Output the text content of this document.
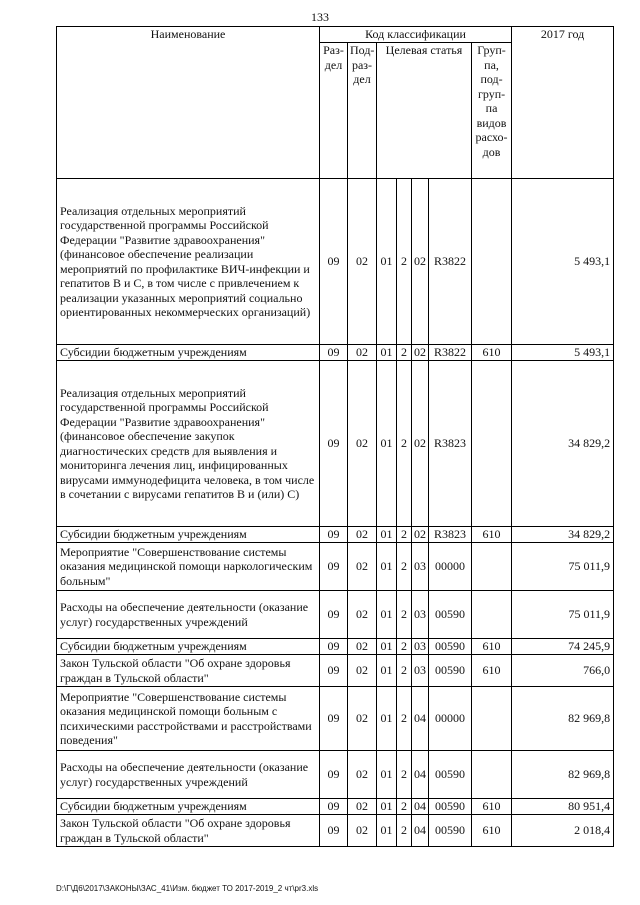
133
Наименование	Код классификации							2017 год
	Раз-дел	Под-раз-дел	Целевая статья				Груп-па, под-груп-па видов расхо-дов	
Реализация отдельных мероприятий государственной программы Российской Федерации "Развитие здравоохранения" (финансовое обеспечение реализации мероприятий по профилактике ВИЧ-инфекции и гепатитов B и C, в том числе с привлечением к реализации указанных мероприятий социально ориентированных некоммерческих организаций)	09	02	01	2	02	R3822		5 493,1
Субсидии бюджетным учреждениям	09	02	01	2	02	R3822	610	5 493,1
Реализация отдельных мероприятий государственной программы Российской Федерации "Развитие здравоохранения" (финансовое обеспечение закупок диагностических средств для выявления и мониторинга лечения лиц, инфицированных вирусами иммунодефицита человека, в том числе в сочетании с вирусами гепатитов B и (или) C)	09	02	01	2	02	R3823		34 829,2
Субсидии бюджетным учреждениям	09	02	01	2	02	R3823	610	34 829,2
Мероприятие "Совершенствование системы оказания медицинской помощи наркологическим больным"	09	02	01	2	03	00000		75 011,9
Расходы на обеспечение деятельности (оказание услуг) государственных учреждений	09	02	01	2	03	00590		75 011,9
Субсидии бюджетным учреждениям	09	02	01	2	03	00590	610	74 245,9
Закон Тульской области "Об охране здоровья граждан в Тульской области"	09	02	01	2	03	00590	610	766,0
Мероприятие "Совершенствование системы оказания медицинской помощи больным с психическими расстройствами и расстройствами поведения"	09	02	01	2	04	00000		82 969,8
Расходы на обеспечение деятельности (оказание услуг) государственных учреждений	09	02	01	2	04	00590		82 969,8
Субсидии бюджетным учреждениям	09	02	01	2	04	00590	610	80 951,4
Закон Тульской области "Об охране здоровья граждан в Тульской области"	09	02	01	2	04	00590	610	2 018,4
D:\Г\Д6\2017\ЗАКОНЫ\ЗАС_41\Изм. бюджет ТО 2017-2019_2 чт\pr3.xls
